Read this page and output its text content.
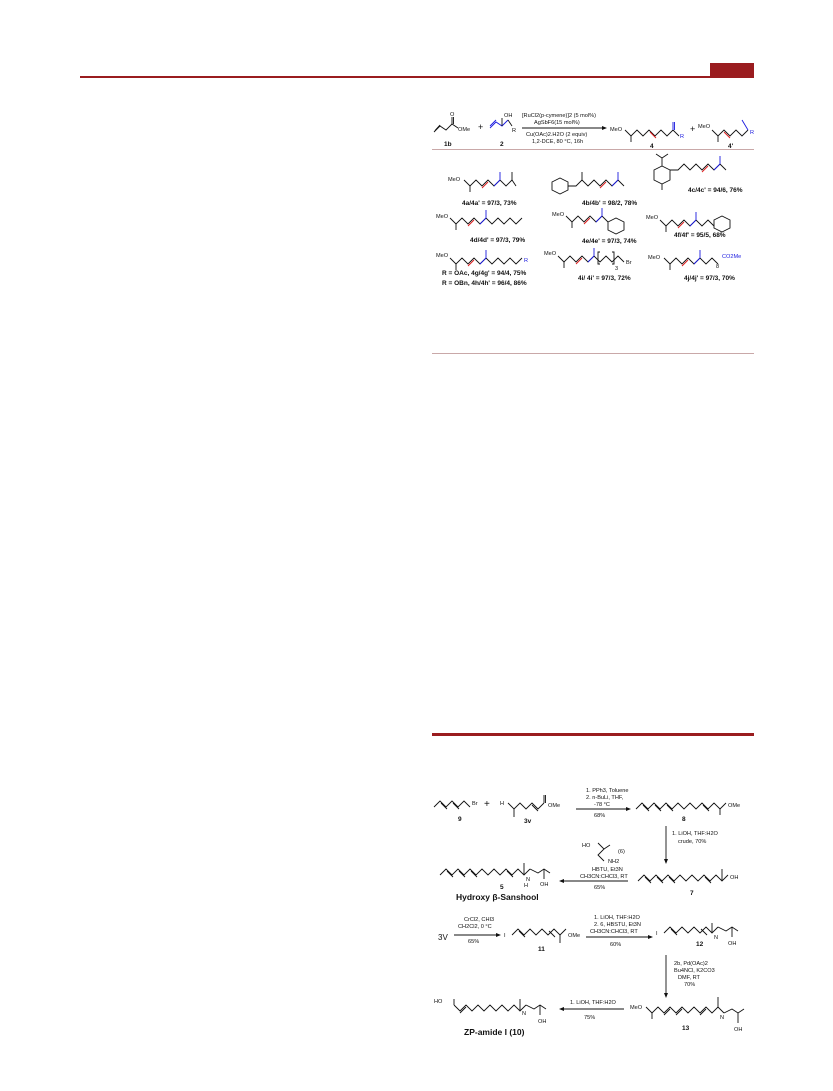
O
OMe
1b
+
OH
R
2
[RuCl2(p-cymene)]2 (5 mol%)
AgSbF6(15 mol%)
Cu(OAc)2.H2O (2 equiv)
1,2-DCE, 80 °C, 16h
MeO
R
4
+ MeO
R
4'
MeO
4a/4a' = 97/3, 73%	4b/4b' = 98/2, 78%
4c/4c' = 94/6, 76%
MeO
4d/4d' = 97/3, 79%
MeO
4e/4e' = 97/3, 74%
MeO
4f/4f' = 95/5, 68%
MeO
R
R = OAc, 4g/4g' = 94/4, 75%
R = OBn, 4h/4h' = 96/4, 86%
MeO
3
Br
4i/ 4i' = 97/3, 72%
MeO
8
CO2Me
4j/4j' = 97/3, 70%
Br
9
+ H	OMe
3v
1. PPh3, Toluene
2. n-BuLi, THF,
-78 °C
68%
OMe
8
1. LiOH, THF:H2O
crude, 70%
N
H OH
5
Hydroxy β-Sanshool
HO
NH2
(6)
HBTU, Et3N
CH3CN:CHCl3, RT
65%
OH
7
3V
CrCl2, CHI3
CH2Cl2, 0 °C
65%
I	OMe
11
1. LiOH, THF:H2O
2. 6, HBSTU, Et3N
CH3CN:CHCl3, RT
60%
I
N
OH
12
2b, Pd(OAc)2
Bu4NCl, K2CO3
DMF, RT
70%
HO
N
OH
ZP-amide I (10)
1. LiOH, THF:H2O
75%
MeO
N
OH
13
